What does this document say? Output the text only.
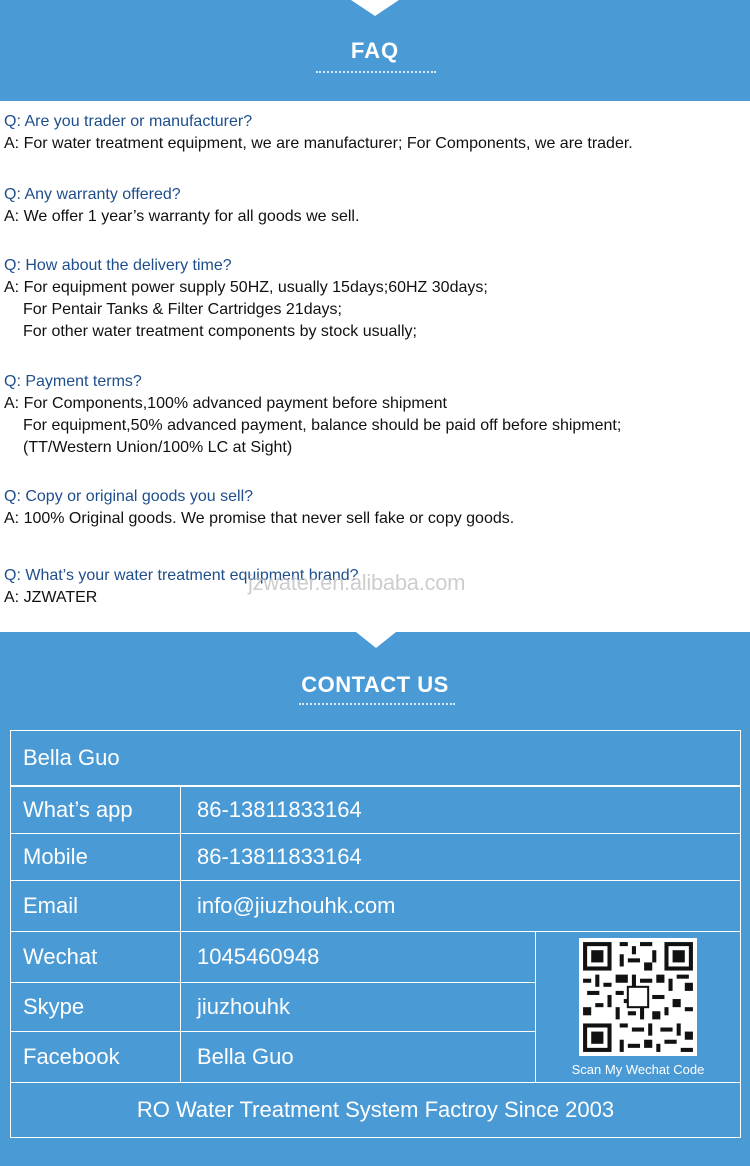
FAQ
Q: Are you trader or manufacturer?
A: For water treatment equipment, we are manufacturer; For Components, we are trader.
Q: Any warranty offered?
A: We offer 1 year’s warranty for all goods we sell.
Q: How about the delivery time?
A: For equipment power supply 50HZ, usually 15days;60HZ 30days;
For Pentair Tanks & Filter Cartridges 21days;
For other water treatment components by stock usually;
Q: Payment terms?
A: For Components,100% advanced payment before shipment
For equipment,50% advanced payment, balance should be paid off before shipment;
(TT/Western Union/100% LC at Sight)
Q: Copy or original goods you sell?
A: 100% Original goods. We promise that never sell fake or copy goods.
Q: What’s your water treatment equipment brand?
A: JZWATER
jzwater.en.alibaba.com
CONTACT US
Bella Guo
What’s app	86-13811833164
Mobile	86-13811833164
Email	info@jiuzhouhk.com
Wechat	1045460948
Skype	jiuzhouhk
Facebook	Bella Guo	Scan My Wechat Code
RO Water Treatment System Factroy Since 2003
